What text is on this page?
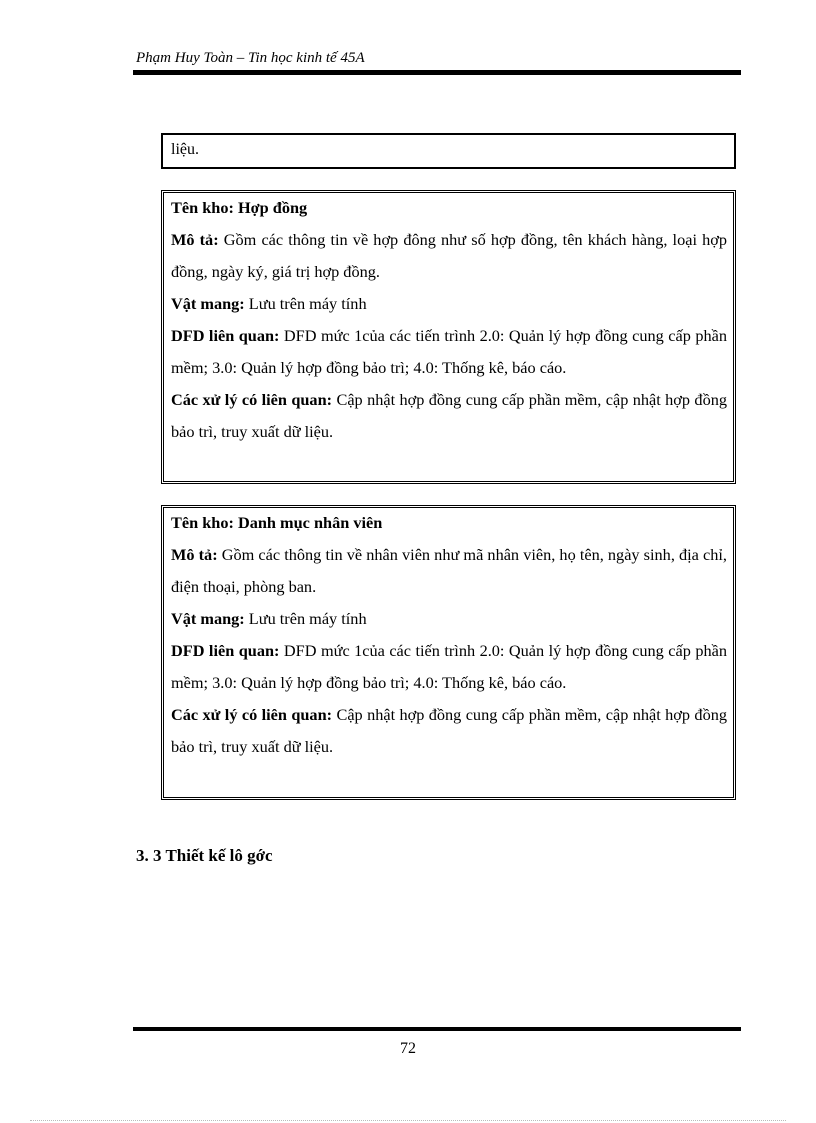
Phạm Huy Toàn – Tin học kinh tế 45A
liệu.

Tên kho: Hợp đồng

Mô tả: Gồm các thông tin về hợp đông như số hợp đồng, tên khách hàng, loại hợp đồng, ngày ký, giá trị hợp đồng.

Vật mang: Lưu trên máy tính

DFD liên quan: DFD mức 1của các tiến trình 2.0: Quản lý hợp đồng cung cấp phần mềm; 3.0: Quản lý hợp đồng bảo trì; 4.0: Thống kê, báo cáo.

Các xử lý có liên quan: Cập nhật hợp đồng cung cấp phần mềm, cập nhật hợp đồng bảo trì, truy xuất dữ liệu.

Tên kho: Danh mục nhân viên

Mô tả: Gồm các thông tin về nhân viên như mã nhân viên, họ tên, ngày sinh, địa chỉ, điện thoại, phòng ban.

Vật mang: Lưu trên máy tính

DFD liên quan: DFD mức 1của các tiến trình 2.0: Quản lý hợp đồng cung cấp phần mềm; 3.0: Quản lý hợp đồng bảo trì; 4.0: Thống kê, báo cáo.

Các xử lý có liên quan: Cập nhật hợp đồng cung cấp phần mềm, cập nhật hợp đồng bảo trì, truy xuất dữ liệu.

3. 3 Thiết kế lô gớc
72
